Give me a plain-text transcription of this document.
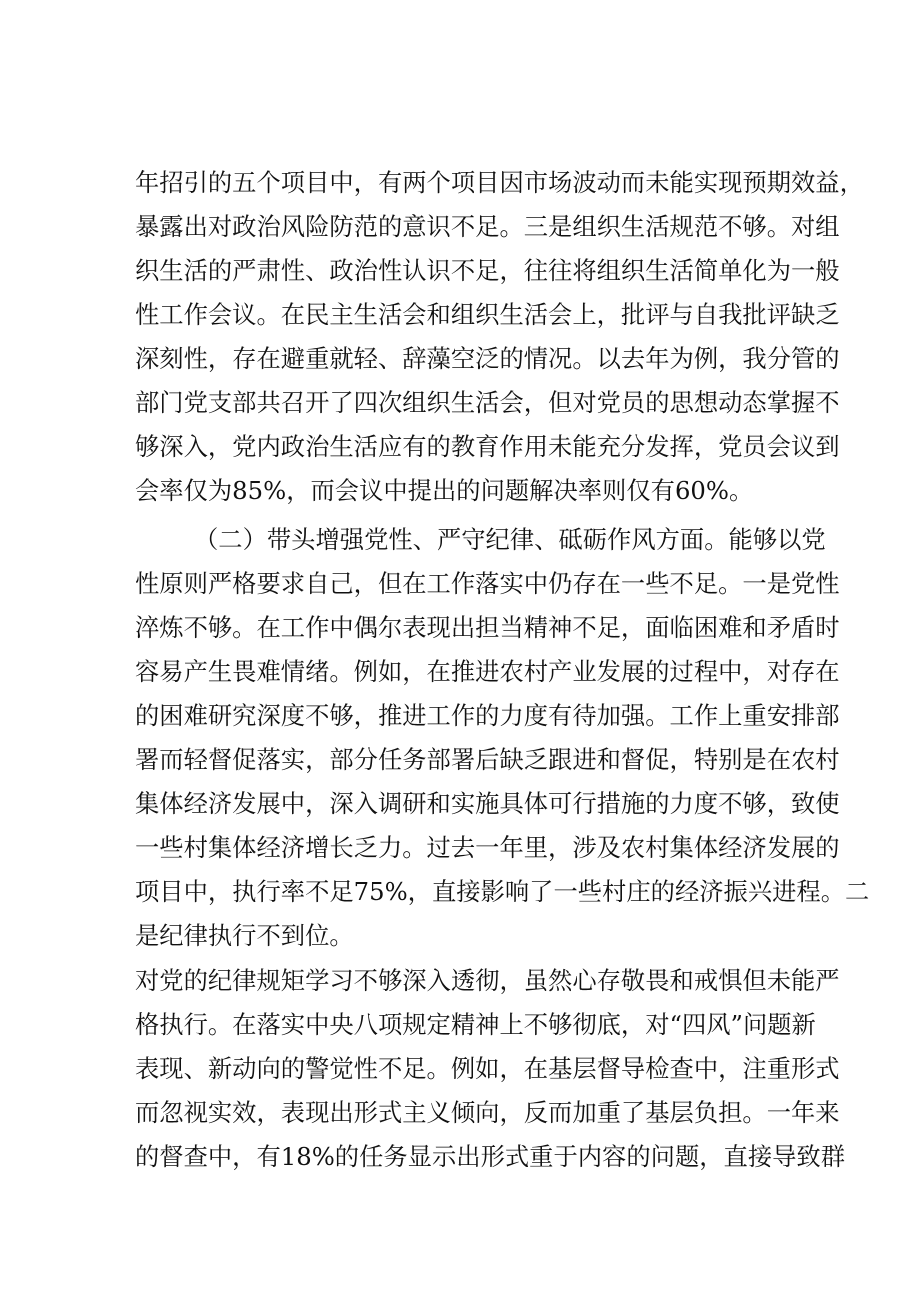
年招引的五个项目中，有两个项目因市场波动而未能实现预期效益，
暴露出对政治风险防范的意识不足。三是组织生活规范不够。对组
织生活的严肃性、政治性认识不足，往往将组织生活简单化为一般
性工作会议。在民主生活会和组织生活会上，批评与自我批评缺乏
深刻性，存在避重就轻、辞藻空泛的情况。以去年为例，我分管的
部门党支部共召开了四次组织生活会，但对党员的思想动态掌握不
够深入，党内政治生活应有的教育作用未能充分发挥，党员会议到
会率仅为85%，而会议中提出的问题解决率则仅有60%。
（二）带头增强党性、严守纪律、砥砺作风方面。能够以党
性原则严格要求自己，但在工作落实中仍存在一些不足。一是党性
淬炼不够。在工作中偶尔表现出担当精神不足，面临困难和矛盾时
容易产生畏难情绪。例如，在推进农村产业发展的过程中，对存在
的困难研究深度不够，推进工作的力度有待加强。工作上重安排部
署而轻督促落实，部分任务部署后缺乏跟进和督促，特别是在农村
集体经济发展中，深入调研和实施具体可行措施的力度不够，致使
一些村集体经济增长乏力。过去一年里，涉及农村集体经济发展的
项目中，执行率不足75%，直接影响了一些村庄的经济振兴进程。二
是纪律执行不到位。
对党的纪律规矩学习不够深入透彻，虽然心存敬畏和戒惧但未能严
格执行。在落实中央八项规定精神上不够彻底，对“四风”问题新
表现、新动向的警觉性不足。例如，在基层督导检查中，注重形式
而忽视实效，表现出形式主义倾向，反而加重了基层负担。一年来
的督查中，有18%的任务显示出形式重于内容的问题，直接导致群
